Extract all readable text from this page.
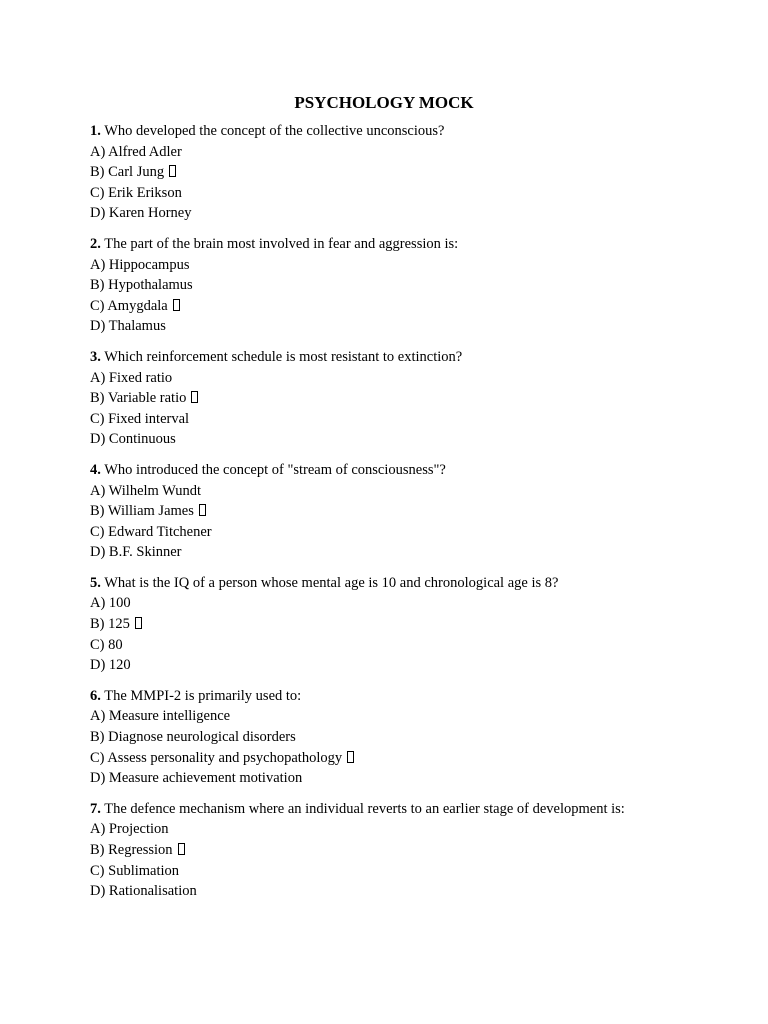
PSYCHOLOGY MOCK
1. Who developed the concept of the collective unconscious?
A) Alfred Adler
B) Carl Jung
C) Erik Erikson
D) Karen Horney
2. The part of the brain most involved in fear and aggression is:
A) Hippocampus
B) Hypothalamus
C) Amygdala
D) Thalamus
3. Which reinforcement schedule is most resistant to extinction?
A) Fixed ratio
B) Variable ratio
C) Fixed interval
D) Continuous
4. Who introduced the concept of "stream of consciousness"?
A) Wilhelm Wundt
B) William James
C) Edward Titchener
D) B.F. Skinner
5. What is the IQ of a person whose mental age is 10 and chronological age is 8?
A) 100
B) 125
C) 80
D) 120
6. The MMPI-2 is primarily used to:
A) Measure intelligence
B) Diagnose neurological disorders
C) Assess personality and psychopathology
D) Measure achievement motivation
7. The defence mechanism where an individual reverts to an earlier stage of development is:
A) Projection
B) Regression
C) Sublimation
D) Rationalisation
